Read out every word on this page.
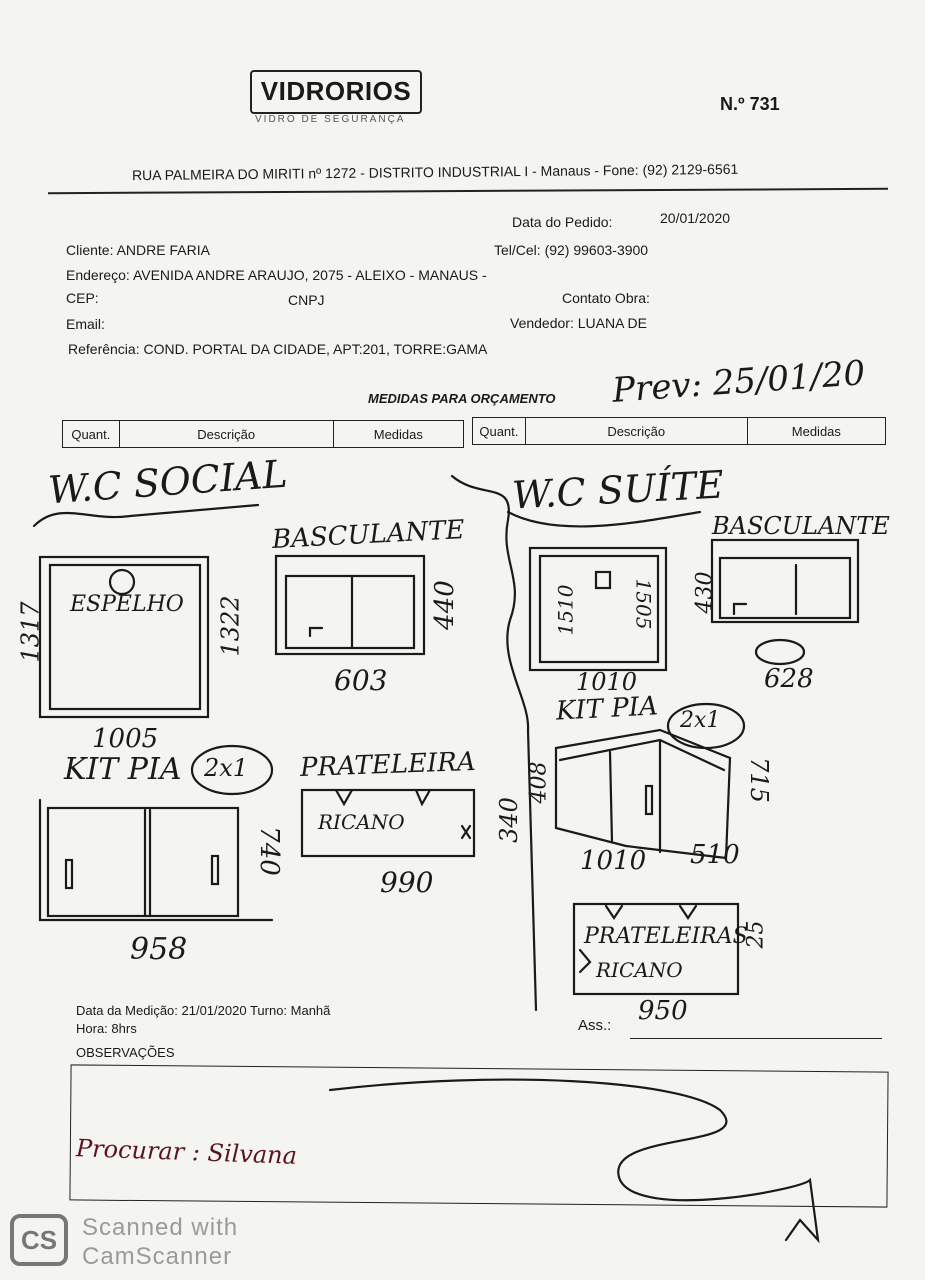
VIDRORIOS
VIDRO DE SEGURANÇA
N.º 731
RUA PALMEIRA DO MIRITI nº 1272 - DISTRITO INDUSTRIAL I - Manaus - Fone: (92) 2129-6561
Data do Pedido:	20/01/2020
Cliente: ANDRE FARIA	Tel/Cel: (92) 99603-3900
Endereço: AVENIDA ANDRE ARAUJO, 2075 - ALEIXO - MANAUS -
CEP:	CNPJ	Contato Obra:
Email:	Vendedor: LUANA DE
Referência: COND. PORTAL DA CIDADE, APT:201, TORRE:GAMA
MEDIDAS PARA ORÇAMENTO
Quant.	Descrição	Medidas	Quant.	Descrição	Medidas
W.C SOCIAL	W.C SUÍTE
Prev: 25/01/20
ESPELHO
1317	1322
1005
BASCULANTE
603
440
KIT PIA 2x1
958
740
PRATELEIRA
RICANO
990
340
1510	1505
1010
430
628
BASCULANTE
KIT PIA 2x1
408	715
1010 510
PRATELEIRAS
RICANO
950
25
Data da Medição: 21/01/2020 Turno: Manhã
Hora: 8hrs
OBSERVAÇÕES
Ass.:
Procurar : Silvana
CS	Scanned with
CamScanner
